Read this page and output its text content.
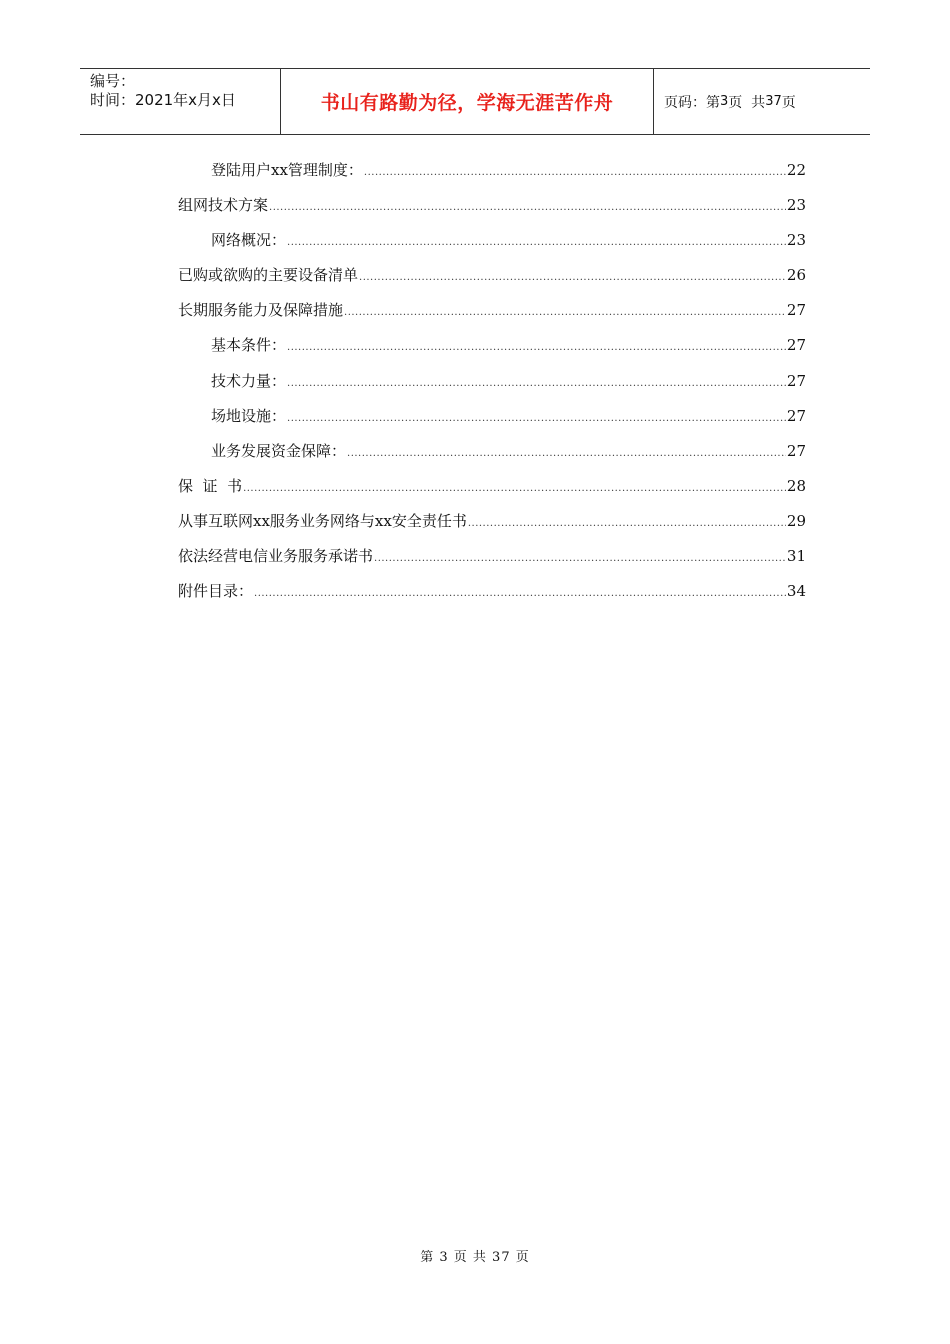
编号：
时间：2021年x月x日	书山有路勤为径，学海无涯苦作舟	页码：第 3 页  共 37 页
登陆用户xx管理制度： .....	22
组网技术方案 .....	23
网络概况： .....	23
已购或欲购的主要设备清单 .....	26
长期服务能力及保障措施 .....	27
基本条件： .....	27
技术力量： .....	27
场地设施： .....	27
业务发展资金保障： .....	27
保  证  书 .....	28
从事互联网xx服务业务网络与xx安全责任书 .....	29
依法经营电信业务服务承诺书 .....	31
附件目录： .....	34
第 3 页 共 37 页
